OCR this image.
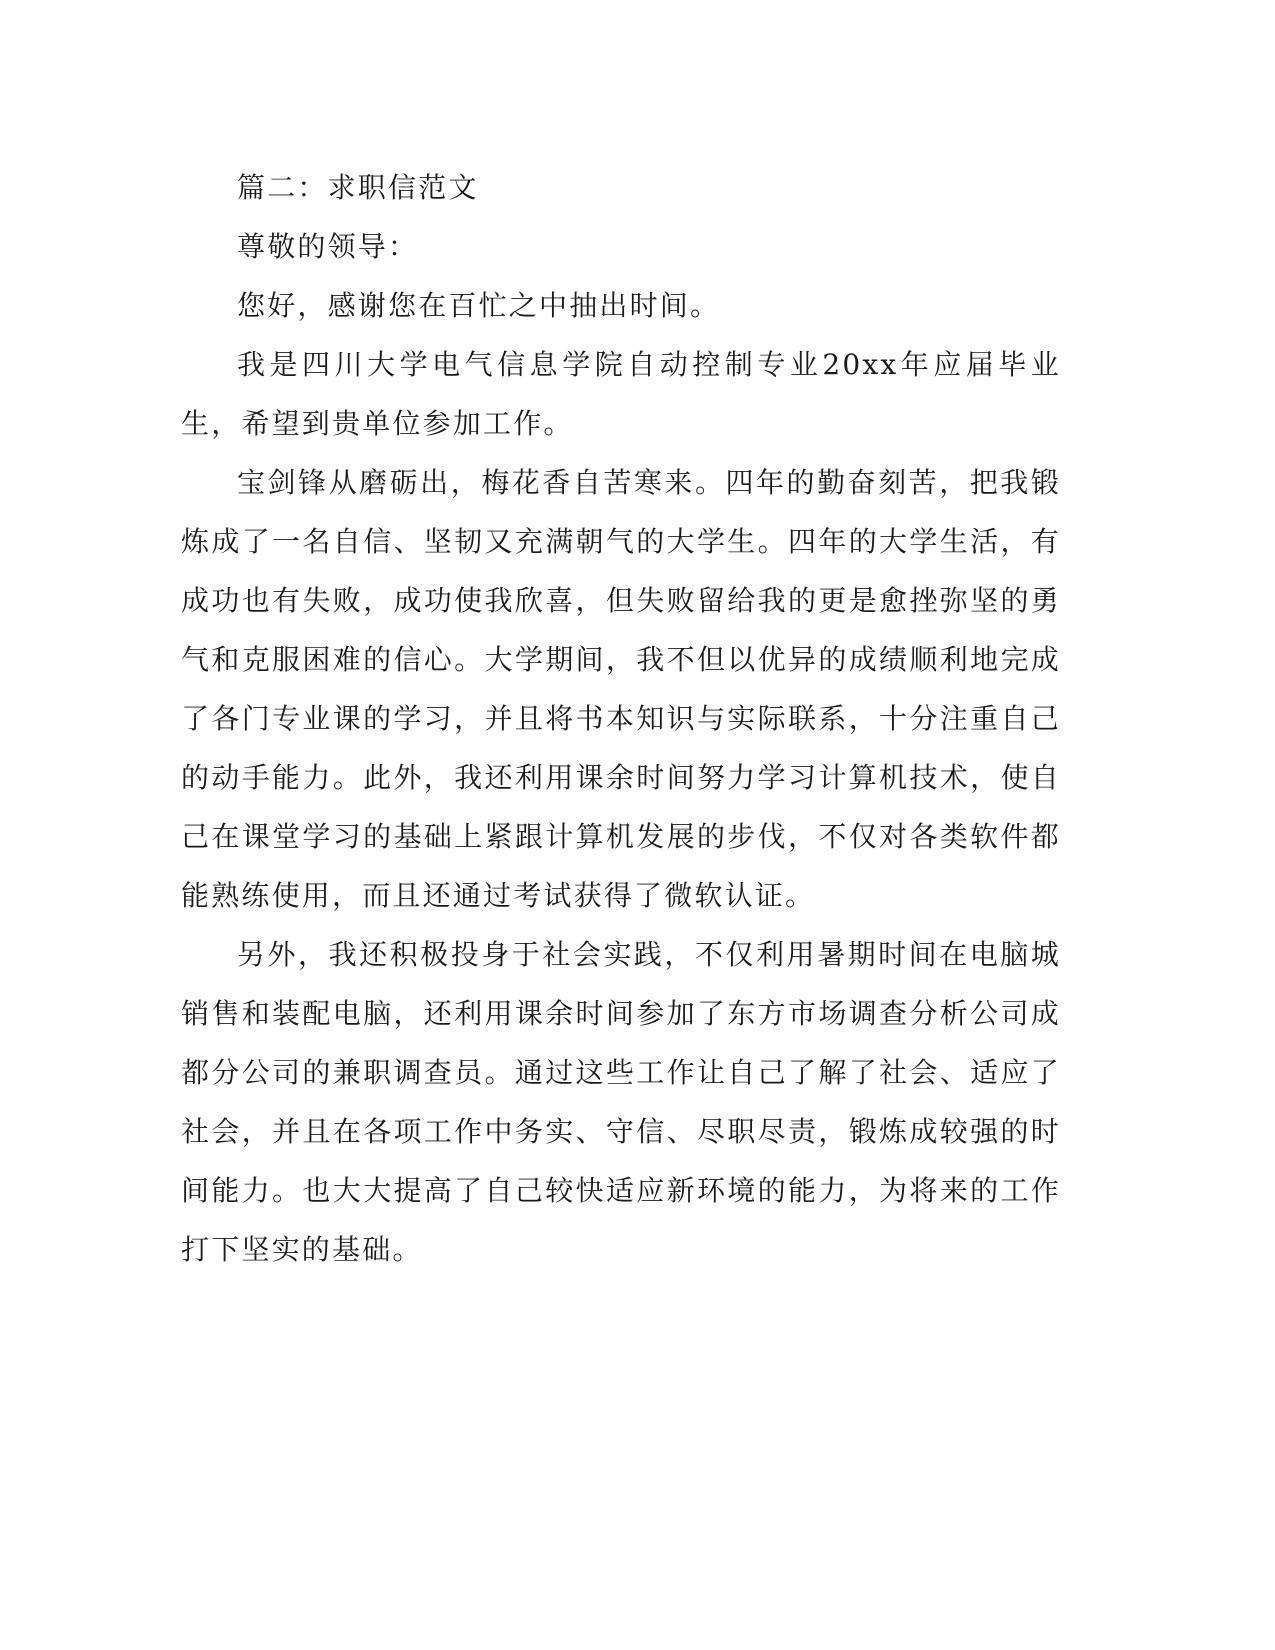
篇二：求职信范文

尊敬的领导：

您好，感谢您在百忙之中抽出时间。

我是四川大学电气信息学院自动控制专业20xx年应届毕业生，希望到贵单位参加工作。

宝剑锋从磨砺出，梅花香自苦寒来。四年的勤奋刻苦，把我锻炼成了一名自信、坚韧又充满朝气的大学生。四年的大学生活，有成功也有失败，成功使我欣喜，但失败留给我的更是愈挫弥坚的勇气和克服困难的信心。大学期间，我不但以优异的成绩顺利地完成了各门专业课的学习，并且将书本知识与实际联系，十分注重自己的动手能力。此外，我还利用课余时间努力学习计算机技术，使自己在课堂学习的基础上紧跟计算机发展的步伐，不仅对各类软件都能熟练使用，而且还通过考试获得了微软认证。

另外，我还积极投身于社会实践，不仅利用暑期时间在电脑城销售和装配电脑，还利用课余时间参加了东方市场调查分析公司成都分公司的兼职调查员。通过这些工作让自己了解了社会、适应了社会，并且在各项工作中务实、守信、尽职尽责，锻炼成较强的时间能力。也大大提高了自己较快适应新环境的能力，为将来的工作打下坚实的基础。
